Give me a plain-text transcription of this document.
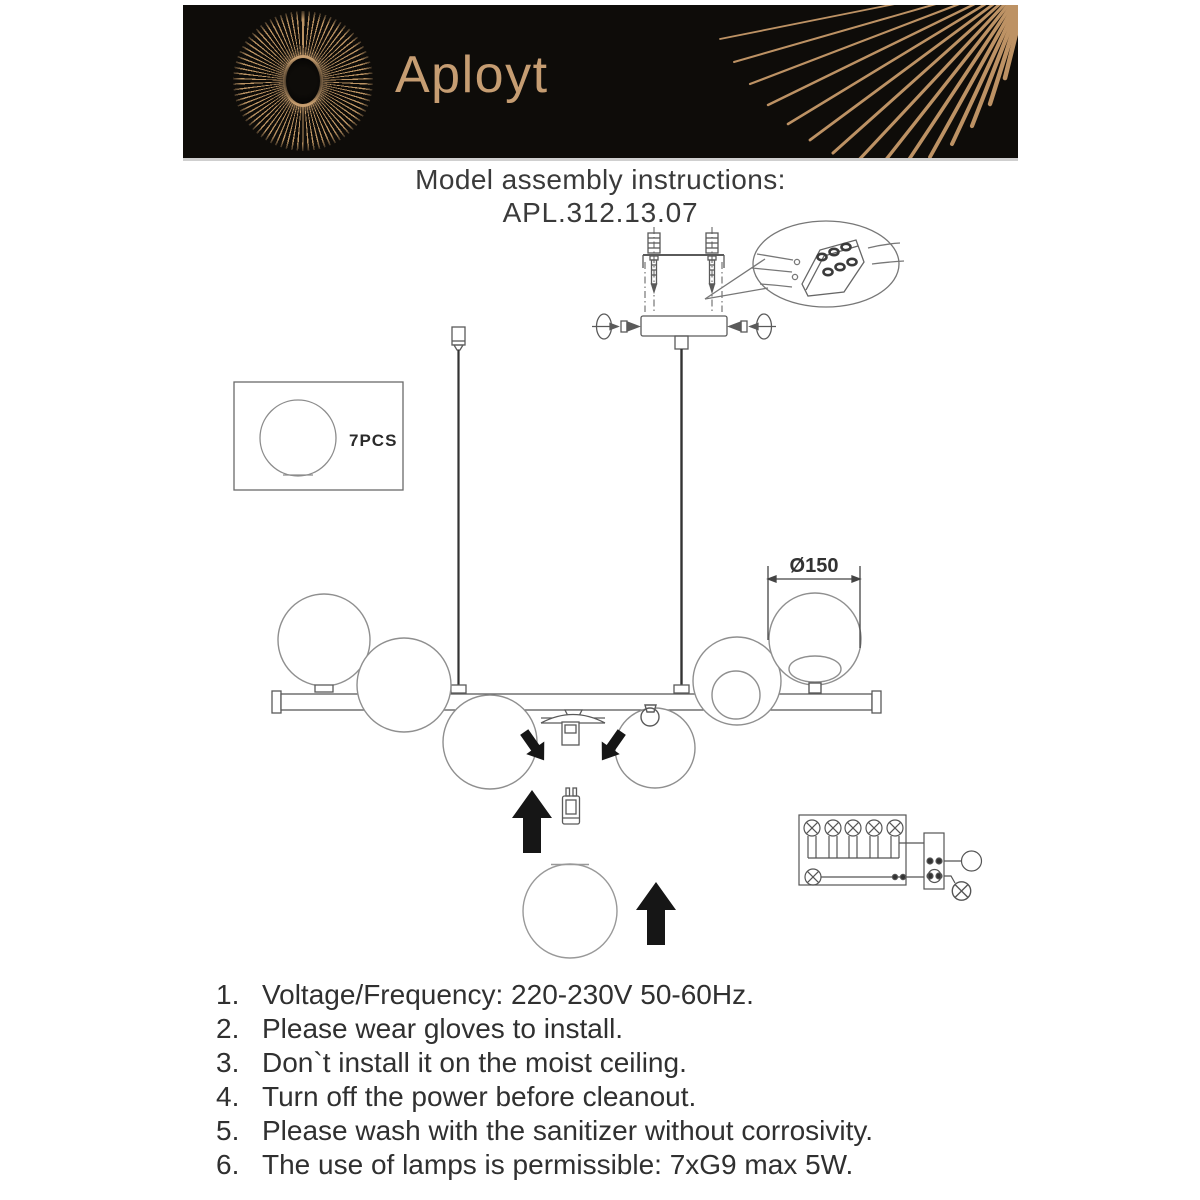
Aployt
Model assembly instructions:
APL.312.13.07
7PCS
Ø150
1. Voltage/Frequency: 220-230V 50-60Hz.
2. Please wear gloves to install.
3. Don`t install it on the moist ceiling.
4. Turn off the power before cleanout.
5. Please wash with the sanitizer without corrosivity.
6. The use of lamps is permissible: 7xG9 max 5W.
